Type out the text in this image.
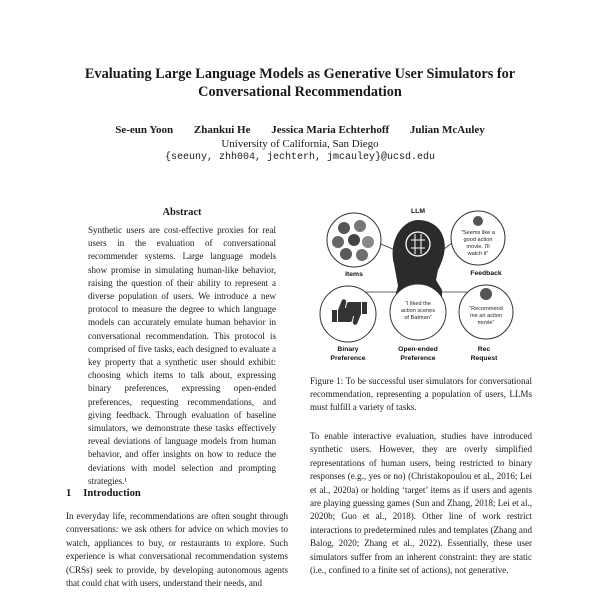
Evaluating Large Language Models as Generative User Simulators for Conversational Recommendation
Se-eun Yoon Zhankui He Jessica Maria Echterhoff Julian McAuley
University of California, San Diego
{seeuny, zhh004, jechterh, jmcauley}@ucsd.edu
Abstract
Synthetic users are cost-effective proxies for real users in the evaluation of conversational recommender systems. Large language models show promise in simulating human-like behavior, raising the question of their ability to represent a diverse population of users. We introduce a new protocol to measure the degree to which language models can accurately emulate human behavior in conversational recommendation. This protocol is comprised of five tasks, each designed to evaluate a key property that a synthetic user should exhibit: choosing which items to talk about, expressing binary preferences, expressing open-ended preferences, requesting recommendations, and giving feedback. Through evaluation of baseline simulators, we demonstrate these tasks effectively reveal deviations of language models from human behavior, and offer insights on how to reduce the deviations with model selection and prompting strategies.¹
1 Introduction
In everyday life, recommendations are often sought through conversations: we ask others for advice on which movies to watch, appliances to buy, or restaurants to explore. Such experience is what conversational recommendation systems (CRSs) seek to provide, by developing autonomous agents that could chat with users, understand their needs, and
LLM
Items
“Seems like a
good action
movie. I'll
watch it”
Feedback
Binary
Preference
“I liked the
action scenes
of Batman”
Open-ended
Preference
“Recommend
me an action
movie”
Rec
Request
Figure 1: To be successful user simulators for conversational recommendation, representing a population of users, LLMs must fulfill a variety of tasks.
To enable interactive evaluation, studies have introduced synthetic users. However, they are overly simplified representations of human users, being restricted to binary responses (e.g., yes or no) (Christakopoulou et al., 2016; Lei et al., 2020a) or holding ‘target’ items as if users and agents are playing guessing games (Sun and Zhang, 2018; Lei et al., 2020b; Guo et al., 2018). Other line of work restrict interactions to predetermined rules and templates (Zhang and Balog, 2020; Zhang et al., 2022). Essentially, these user simulators suffer from an inherent constraint: they are static (i.e., confined to a finite set of actions), not generative.
